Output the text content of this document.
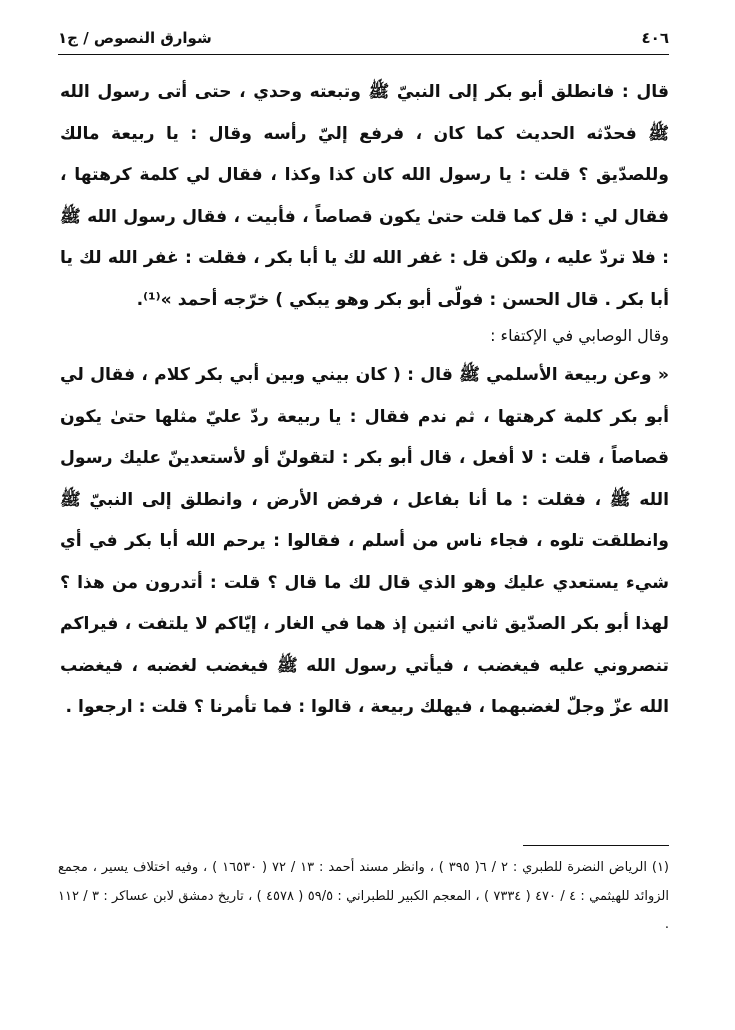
٤٠٦
شوارق النصوص / ج١

قال : فانطلق أبو بكر إلى النبيّ ﷺ وتبعته وحدي ، حتى أتى رسول الله ﷺ فحدّثه الحديث كما كان ، فرفع إليّ رأسه وقال : يا ربيعة مالك وللصدّيق ؟ قلت : يا رسول الله كان كذا وكذا ، فقال لي كلمة كرهتها ، فقال لي : قل كما قلت حتىٰ يكون قصاصاً ، فأبيت ، فقال رسول الله ﷺ : فلا تردّ عليه ، ولكن قل : غفر الله لك يا أبا بكر ، فقلت : غفر الله لك يا أبا بكر . قال الحسن : فولّى أبو بكر وهو يبكي ) خرّجه أحمد »⁽¹⁾.

وقال الوصابي في الإكتفاء :

« وعن ربيعة الأسلمي ﷺ قال : ( كان بيني وبين أبي بكر كلام ، فقال لي أبو بكر كلمة كرهتها ، ثم ندم فقال : يا ربيعة ردّ عليّ مثلها حتىٰ يكون قصاصاً ، قلت : لا أفعل ، قال أبو بكر : لتقولنّ أو لأستعدينّ عليك رسول الله ﷺ ، فقلت : ما أنا بفاعل ، فرفض الأرض ، وانطلق إلى النبيّ ﷺ وانطلقت تلوه ، فجاء ناس من أسلم ، فقالوا : يرحم الله أبا بكر في أي شيء يستعدي عليك وهو الذي قال لك ما قال ؟ قلت : أتدرون من هذا ؟ لهذا أبو بكر الصدّيق ثاني اثنين إذ هما في الغار ، إيّاكم لا يلتفت ، فيراكم تنصروني عليه فيغضب ، فيأتي رسول الله ﷺ فيغضب لغضبه ، فيغضب الله عزّ وجلّ لغضبهما ، فيهلك ربيعة ، قالوا : فما تأمرنا ؟ قلت : ارجعوا .

(١) الرياض النضرة للطبري : ٢ / ٦( ٣٩٥ ) ، وانظر مسند أحمد : ١٣ / ٧٢ ( ١٦٥٣٠ ) ، وفيه اختلاف يسير ، مجمع الزوائد للهيثمي : ٤ / ٤٧٠ ( ٧٣٣٤ ) ، المعجم الكبير للطبراني : ٥٩/٥ ( ٤٥٧٨ ) ، تاريخ دمشق لابن عساكر : ٣ / ١١٢ .
